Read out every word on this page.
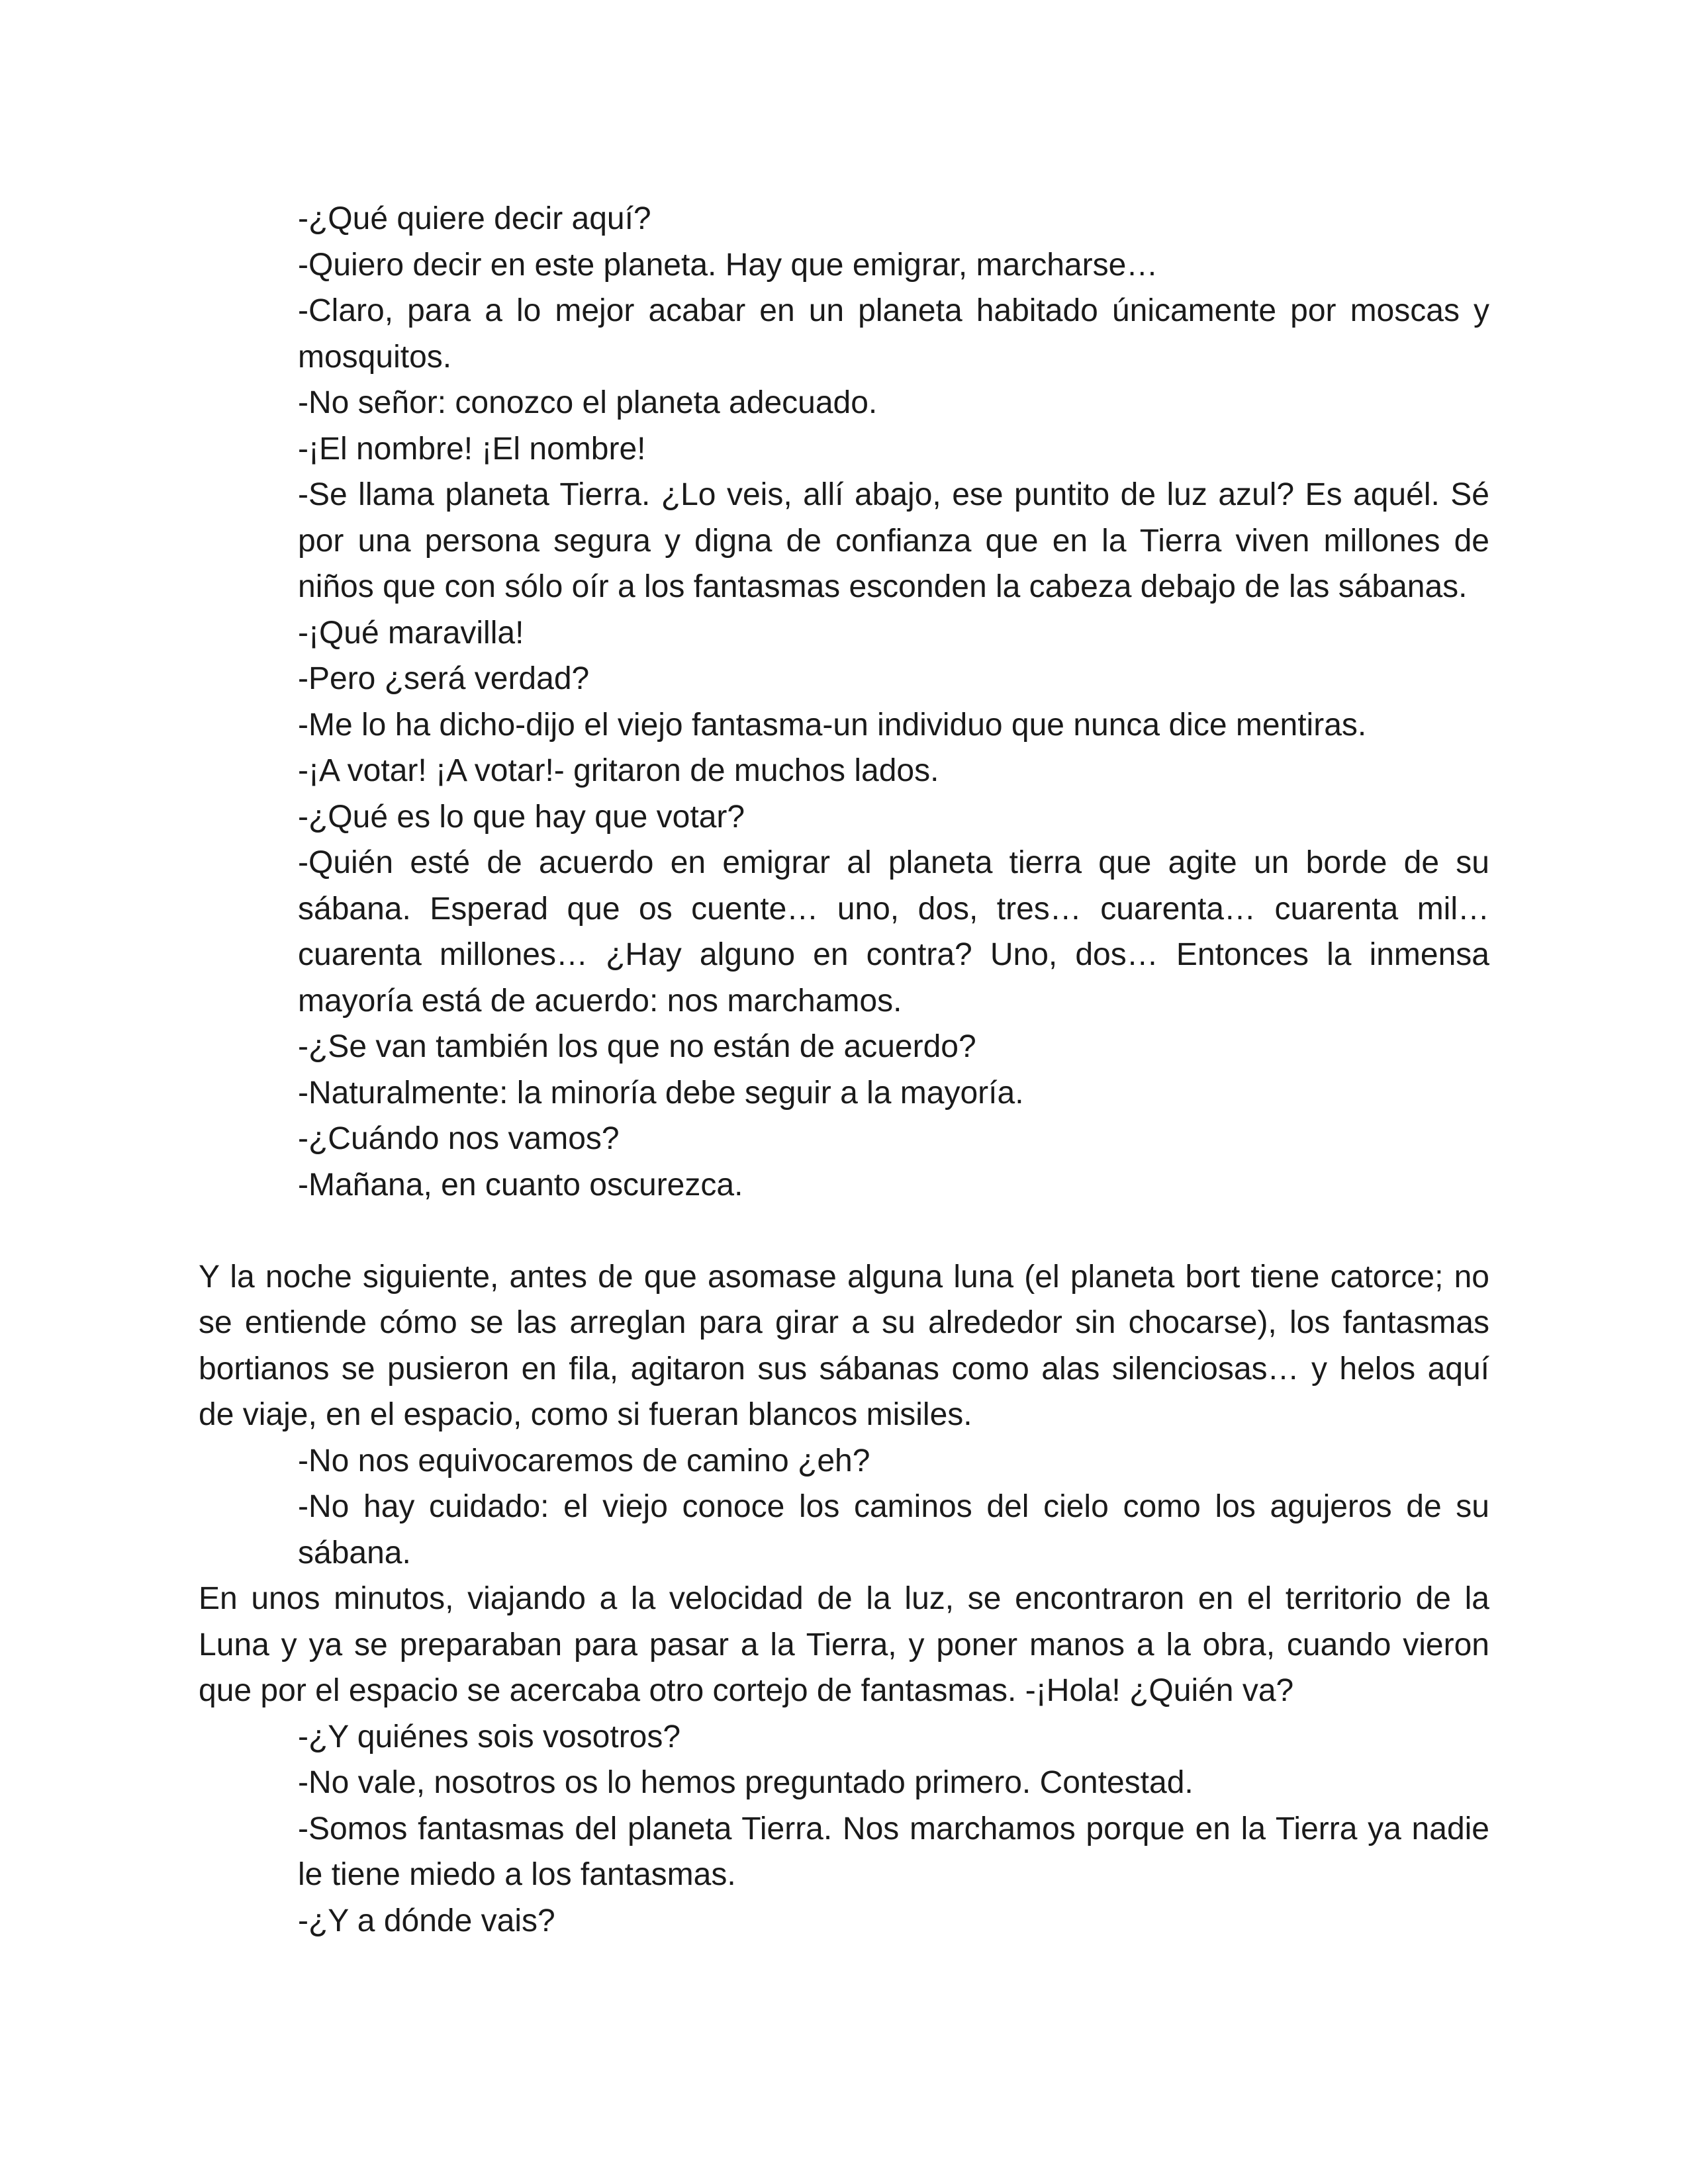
-¿Qué quiere decir aquí?

-Quiero decir en este planeta. Hay que emigrar, marcharse…

-Claro, para a lo mejor acabar en un planeta habitado únicamente por moscas y mosquitos.

-No señor: conozco el planeta adecuado.

-¡El nombre! ¡El nombre!

-Se llama planeta Tierra. ¿Lo veis, allí abajo, ese puntito de luz azul? Es aquél. Sé por una persona segura y digna de confianza que en la Tierra viven millones de niños que con sólo oír a los fantasmas esconden la cabeza debajo de las sábanas.

-¡Qué maravilla!

-Pero ¿será verdad?

-Me lo ha dicho-dijo el viejo fantasma-un individuo que nunca dice mentiras.

-¡A votar! ¡A votar!- gritaron de muchos lados.

-¿Qué es lo que hay que votar?

-Quién esté de acuerdo en emigrar al planeta tierra que agite un borde de su sábana. Esperad que os cuente… uno, dos, tres… cuarenta… cuarenta mil… cuarenta millones… ¿Hay alguno en contra? Uno, dos… Entonces la inmensa mayoría está de acuerdo: nos marchamos.

-¿Se van también los que no están de acuerdo?

-Naturalmente: la minoría debe seguir a la mayoría.

-¿Cuándo nos vamos?

-Mañana, en cuanto oscurezca.

Y la noche siguiente, antes de que asomase alguna luna (el planeta bort tiene catorce; no se entiende cómo se las arreglan para girar a su alrededor sin chocarse), los fantasmas bortianos se pusieron en fila, agitaron sus sábanas como alas silenciosas… y helos aquí de viaje, en el espacio, como si fueran blancos misiles.

-No nos equivocaremos de camino ¿eh?

-No hay cuidado: el viejo conoce los caminos del cielo como los agujeros de su sábana.

En unos minutos, viajando a la velocidad de la luz, se encontraron en el territorio de la Luna y ya se preparaban para pasar a la Tierra, y poner manos a la obra, cuando vieron que por el espacio se acercaba otro cortejo de fantasmas. -¡Hola! ¿Quién va?

-¿Y quiénes sois vosotros?

-No vale, nosotros os lo hemos preguntado primero. Contestad.

-Somos fantasmas del planeta Tierra. Nos marchamos porque en la Tierra ya nadie le tiene miedo a los fantasmas.

-¿Y a dónde vais?
